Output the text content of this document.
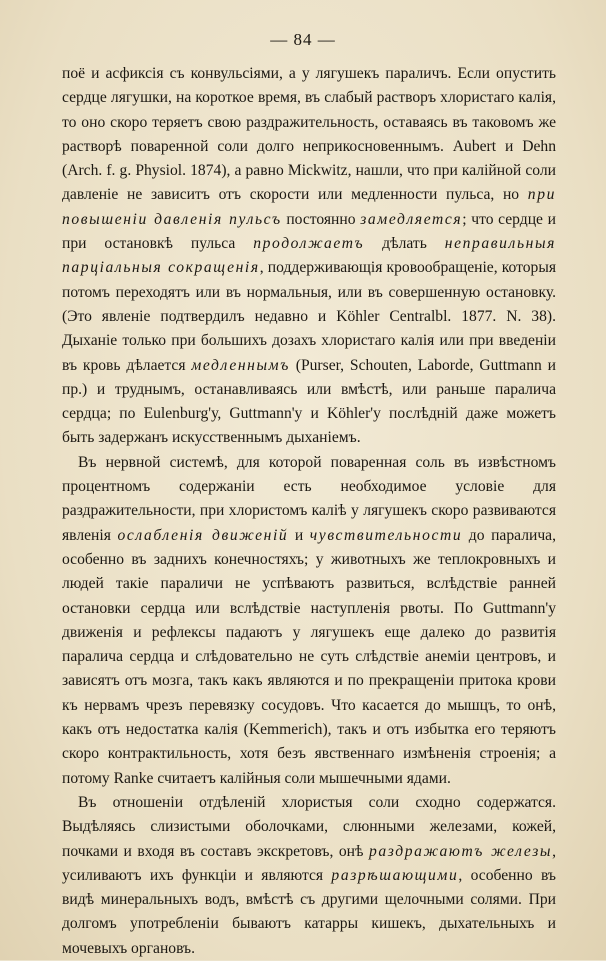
— 84 —

поё и асфиксія съ конвульсіями, а у лягушекъ параличъ. Если опустить сердце лягушки, на короткое время, въ слабый растворъ хлористаго калія, то оно скоро теряетъ свою раздражительность, оставаясь въ таковомъ же растворѣ поваренной соли долго неприкосновеннымъ. Aubert и Dehn (Arch. f. g. Physiol. 1874), а равно Mickwitz, нашли, что при калійной соли давленіе не зависитъ отъ скорости или медленности пульса, но при повышеніи давленія пульсъ постоянно замедляется; что сердце и при остановкѣ пульса продолжаетъ дѣлать неправильныя парціальныя сокращенія, поддерживающія кровообращеніе, которыя потомъ переходятъ или въ нормальныя, или въ совершенную остановку. (Это явленіе подтвердилъ недавно и Köhler Centralbl. 1877. N. 38). Дыханіе только при большихъ дозахъ хлористаго калія или при введеніи въ кровь дѣлается медленнымъ (Purser, Schouten, Laborde, Guttmann и пр.) и труднымъ, останавливаясь или вмѣстѣ, или раньше паралича сердца; по Eulenburg'у, Guttmann'у и Köhler'у послѣдній даже можетъ быть задержанъ искусственнымъ дыханіемъ.

Въ нервной системѣ, для которой поваренная соль въ извѣстномъ процентномъ содержаніи есть необходимое условіе для раздражительности, при хлористомъ каліѣ у лягушекъ скоро развиваются явленія ослабленія движеній и чувствительности до паралича, особенно въ заднихъ конечностяхъ; у животныхъ же теплокровныхъ и людей такіе параличи не успѣваютъ развиться, вслѣдствіе ранней остановки сердца или вслѣдствіе наступленія рвоты. По Guttmann'у движенія и рефлексы падаютъ у лягушекъ еще далеко до развитія паралича сердца и слѣдовательно не суть слѣдствіе анеміи центровъ, и зависятъ отъ мозга, такъ какъ являются и по прекращеніи притока крови къ нервамъ чрезъ перевязку сосудовъ. Что касается до мышцъ, то онѣ, какъ отъ недостатка калія (Kemmerich), такъ и отъ избытка его теряютъ скоро контрактильность, хотя безъ явственнаго измѣненія строенія; а потому Ranke считаетъ калійныя соли мышечными ядами.

Въ отношеніи отдѣленій хлористыя соли сходно содержатся. Выдѣляясь слизистыми оболочками, слюнными железами, кожей, почками и входя въ составъ экскретовъ, онѣ раздражаютъ железы, усиливаютъ ихъ функціи и являются разрѣшающими, особенно въ видѣ минеральныхъ водъ, вмѣстѣ съ другими щелочными солями. При долгомъ употребленіи бываютъ катарры кишекъ, дыхательныхъ и мочевыхъ органовъ.
